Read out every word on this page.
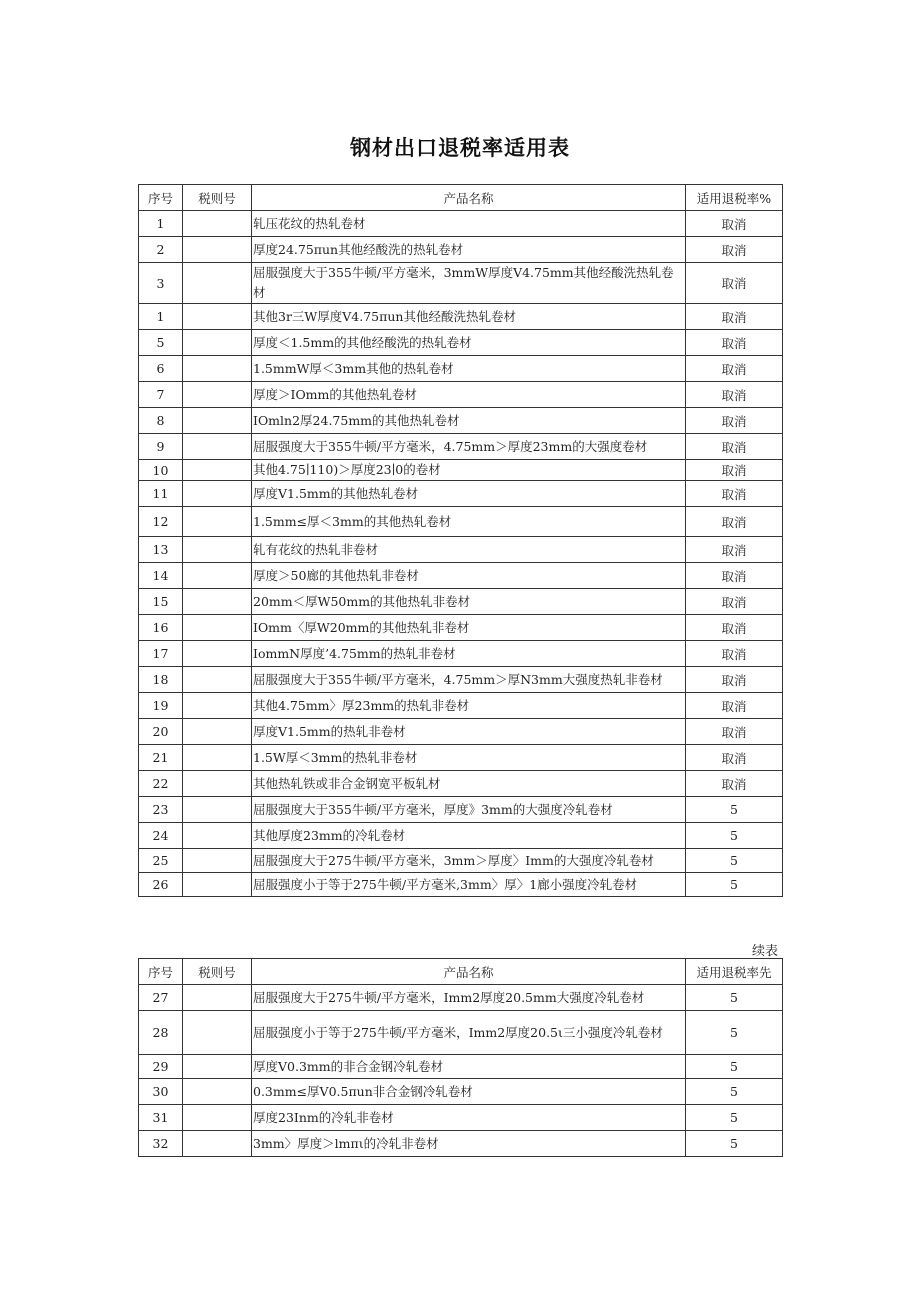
钢材出口退税率适用表
序号	税则号	产品名称	适用退税率%
1		轧压花纹的热轧卷材	取消
2		厚度24.75πun其他经酸洗的热轧卷材	取消
3		屈服强度大于355牛顿/平方毫米，3mmW厚度V4.75mm其他经酸洗热轧卷材	取消
1		其他3r三W厚度V4.75πun其他经酸洗热轧卷材	取消
5		厚度＜1.5mm的其他经酸洗的热轧卷材	取消
6		1.5mmW厚＜3mm其他的热轧卷材	取消
7		厚度＞IOmm的其他热轧卷材	取消
8		IOmln2厚24.75mm的其他热轧卷材	取消
9		屈服强度大于355牛顿/平方毫米，4.75mm＞厚度23mm的大强度卷材	取消
10		其他4.75∣110)＞厚度23∣0的卷材	取消
11		厚度V1.5mm的其他热轧卷材	取消
12		1.5mm≤厚＜3mm的其他热轧卷材	取消
13		轧有花纹的热轧非卷材	取消
14		厚度＞50廊的其他热轧非卷材	取消
15		20mm＜厚W50mm的其他热轧非卷材	取消
16		IOmm〈厚W20mm的其他热轧非卷材	取消
17		IommN厚度’4.75mm的热轧非卷材	取消
18		屈服强度大于355牛顿/平方毫米，4.75mm＞厚N3mm大强度热轧非卷材	取消
19		其他4.75mm〉厚23mm的热轧非卷材	取消
20		厚度V1.5mm的热轧非卷材	取消
21		1.5W厚＜3mm的热轧非卷材	取消
22		其他热轧铁或非合金钢宽平板轧材	取消
23		屈服强度大于355牛顿/平方毫米，厚度》3mm的大强度冷轧卷材	5
24		其他厚度23mm的冷轧卷材	5
25		屈服强度大于275牛顿/平方毫米，3mm＞厚度〉Imm的大强度冷轧卷材	5
26		屈服强度小于等于275牛顿/平方毫米,3mm〉厚〉1廊小强度冷轧卷材	5
续表
序号	税则号	产品名称	适用退税率先
27		屈服强度大于275牛顿/平方毫米，Imm2厚度20.5mm大强度冷轧卷材	5
28		屈服强度小于等于275牛顿/平方毫米，Imm2厚度20.5ι三小强度冷轧卷材	5
29		厚度V0.3mm的非合金钢冷轧卷材	5
30		0.3mm≤厚V0.5πun非合金钢冷轧卷材	5
31		厚度23Inm的冷轧非卷材	5
32		3mm〉厚度＞lmπι的冷轧非卷材	5
